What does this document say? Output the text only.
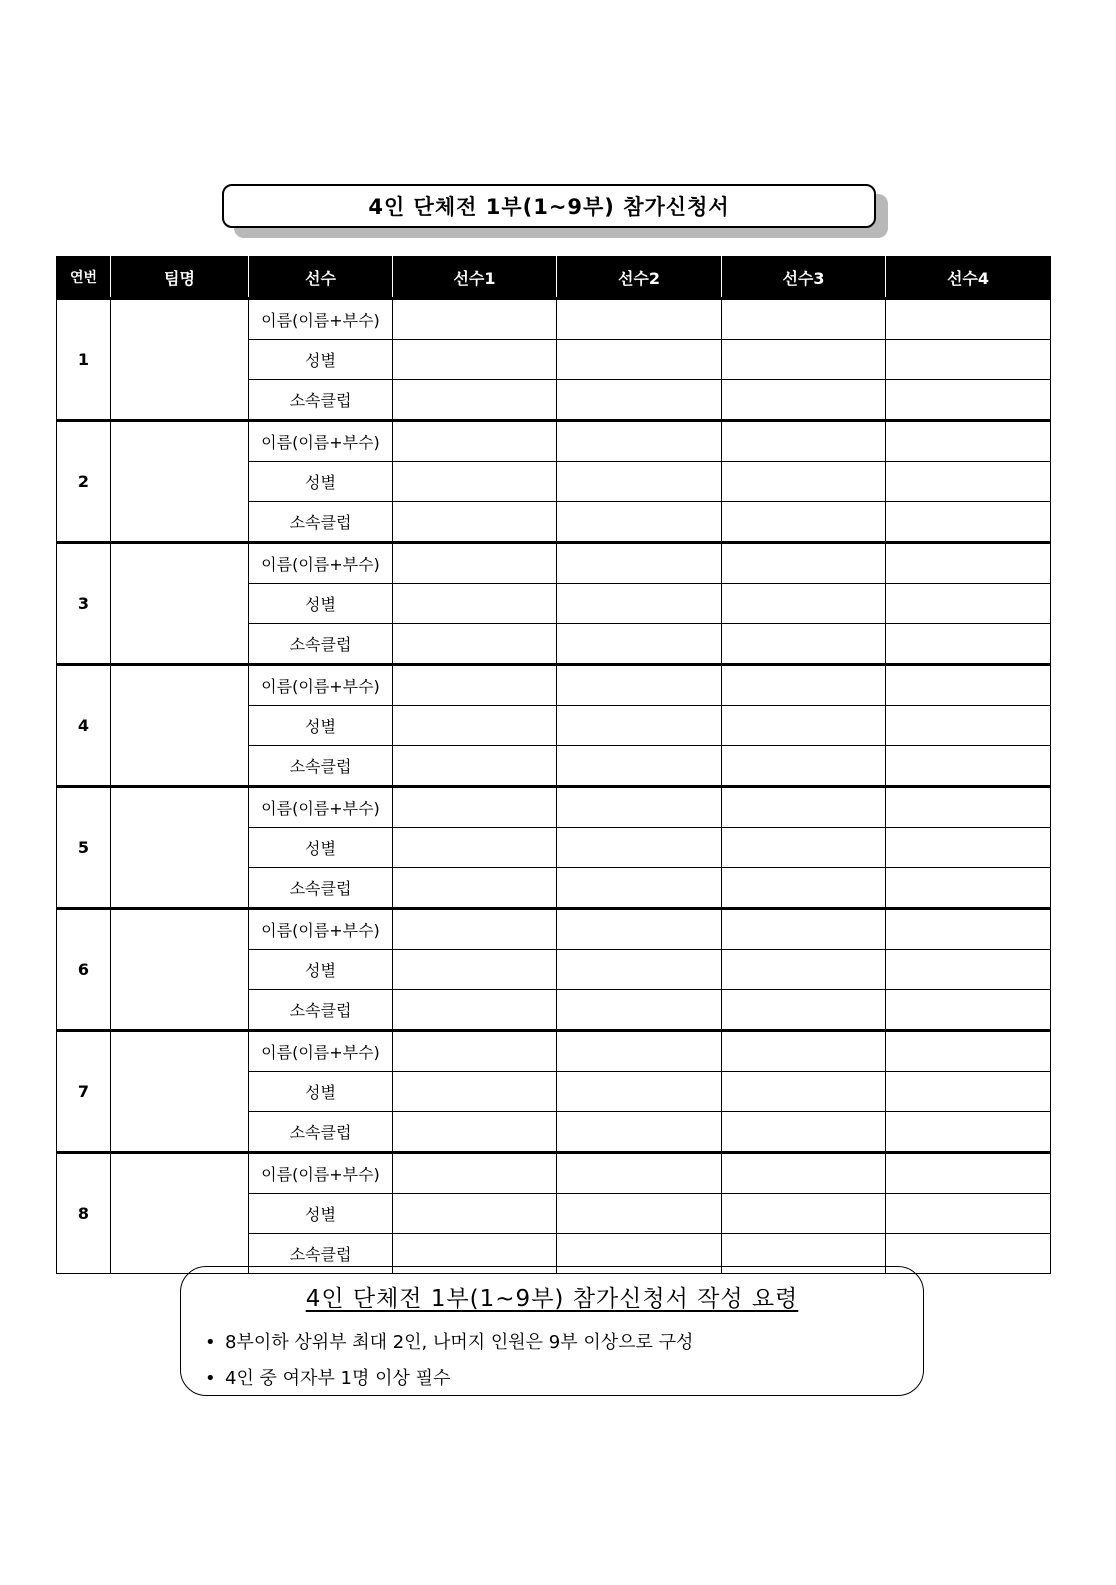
4인 단체전 1부(1~9부) 참가신청서
연번	팀명	선수	선수1	선수2	선수3	선수4
1		이름(이름+부수)				
		성별				
		소속클럽				
2		이름(이름+부수)				
		성별				
		소속클럽				
3		이름(이름+부수)				
		성별				
		소속클럽				
4		이름(이름+부수)				
		성별				
		소속클럽				
5		이름(이름+부수)				
		성별				
		소속클럽				
6		이름(이름+부수)				
		성별				
		소속클럽				
7		이름(이름+부수)				
		성별				
		소속클럽				
8		이름(이름+부수)				
		성별				
		소속클럽				
4인 단체전 1부(1~9부) 참가신청서 작성 요령
• 8부이하 상위부 최대 2인, 나머지 인원은 9부 이상으로 구성
• 4인 중 여자부 1명 이상 필수
